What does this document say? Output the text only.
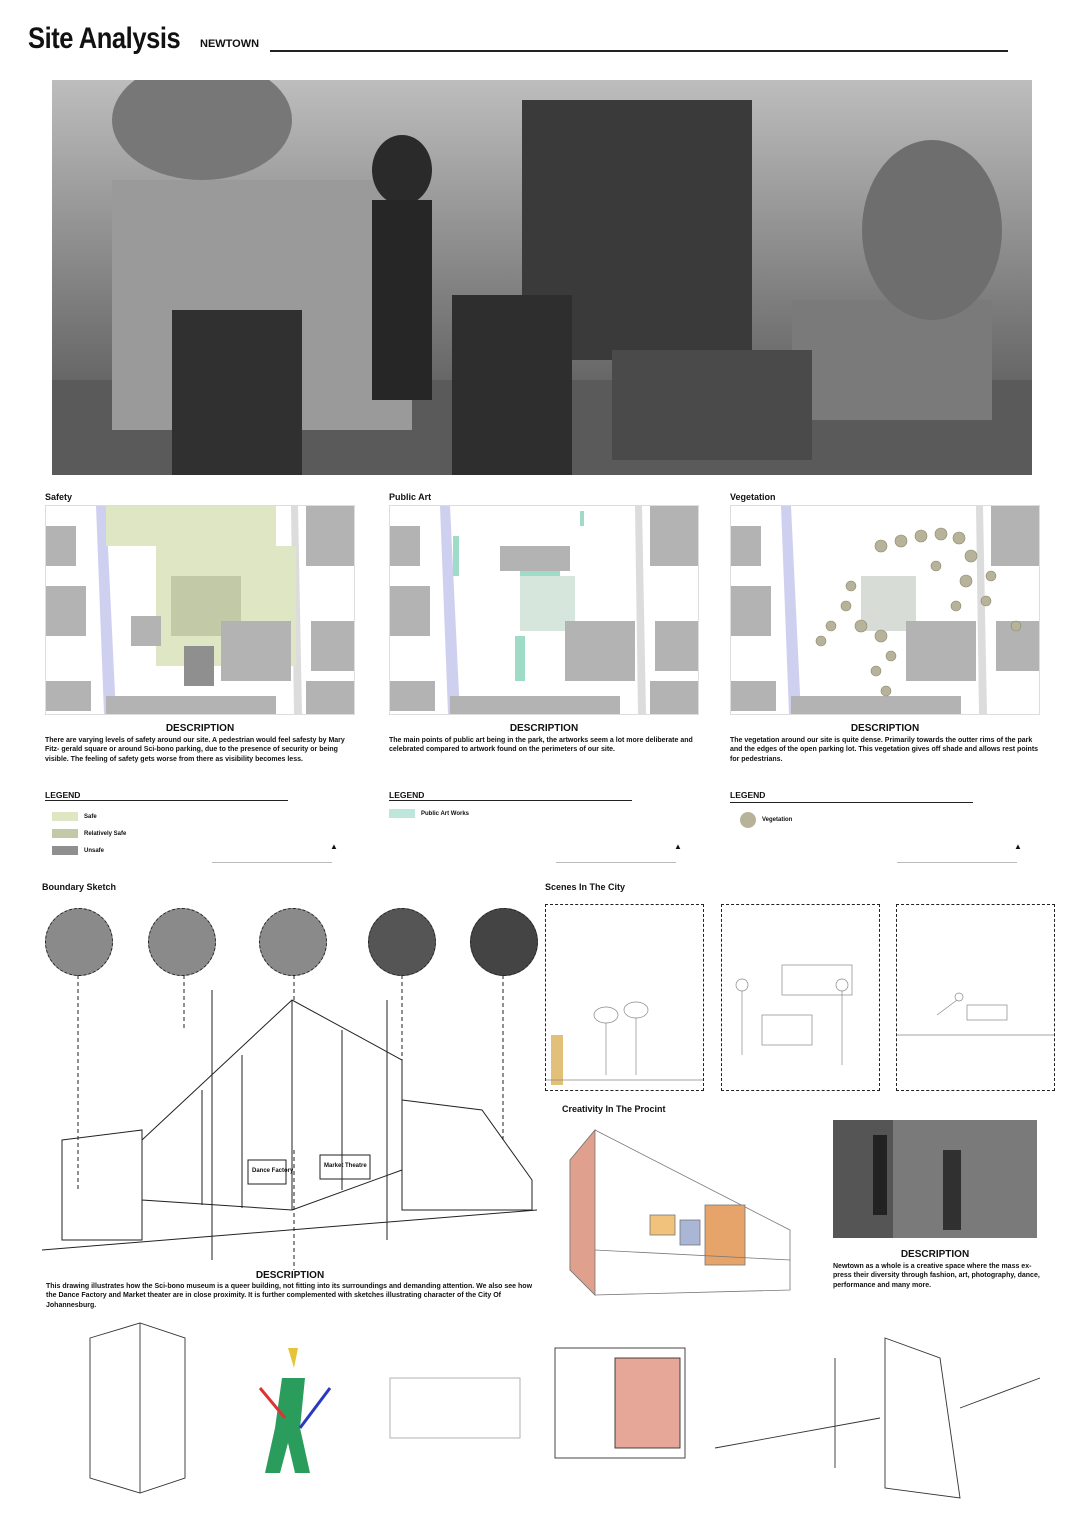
Site Analysis NEWTOWN
Safety
DESCRIPTION
There are varying levels of safety around our site. A pedestrian would feel safesty by Mary Fitz- gerald square or around Sci-bono parking, due to the presence of security or being visible. The feeling of safety gets worse from there as visibility becomes less.
LEGEND
Safe
Relatively Safe
Unsafe	▲
Public Art
DESCRIPTION
The main points of public art being in the park, the artworks seem a lot more deliberate and celebrated compared to artwork found on the perimeters of our site.
LEGEND
Public Art Works
▲
Vegetation
DESCRIPTION
The vegetation around our site is quite dense. Primarily towards the outter rims of the park and the edges of the open parking lot. This vegetation gives off shade and allows rest points for pedestrians.
LEGEND
Vegetation
▲
Boundary Sketch
Dance Factory
Market Theatre
DESCRIPTION
This drawing illustrates how the Sci-bono museum is a queer building, not fitting into its surroundings and demanding attention. We also see how the Dance Factory and Market theater are in close proximity. It is further complemented with sketches illustrating character of the City Of Johannesburg.
Scenes In The City
Creativity In The Procint
DESCRIPTION
Newtown as a whole is a creative space where the mass ex- press their diversity through fashion, art, photography, dance, performance and many more.
